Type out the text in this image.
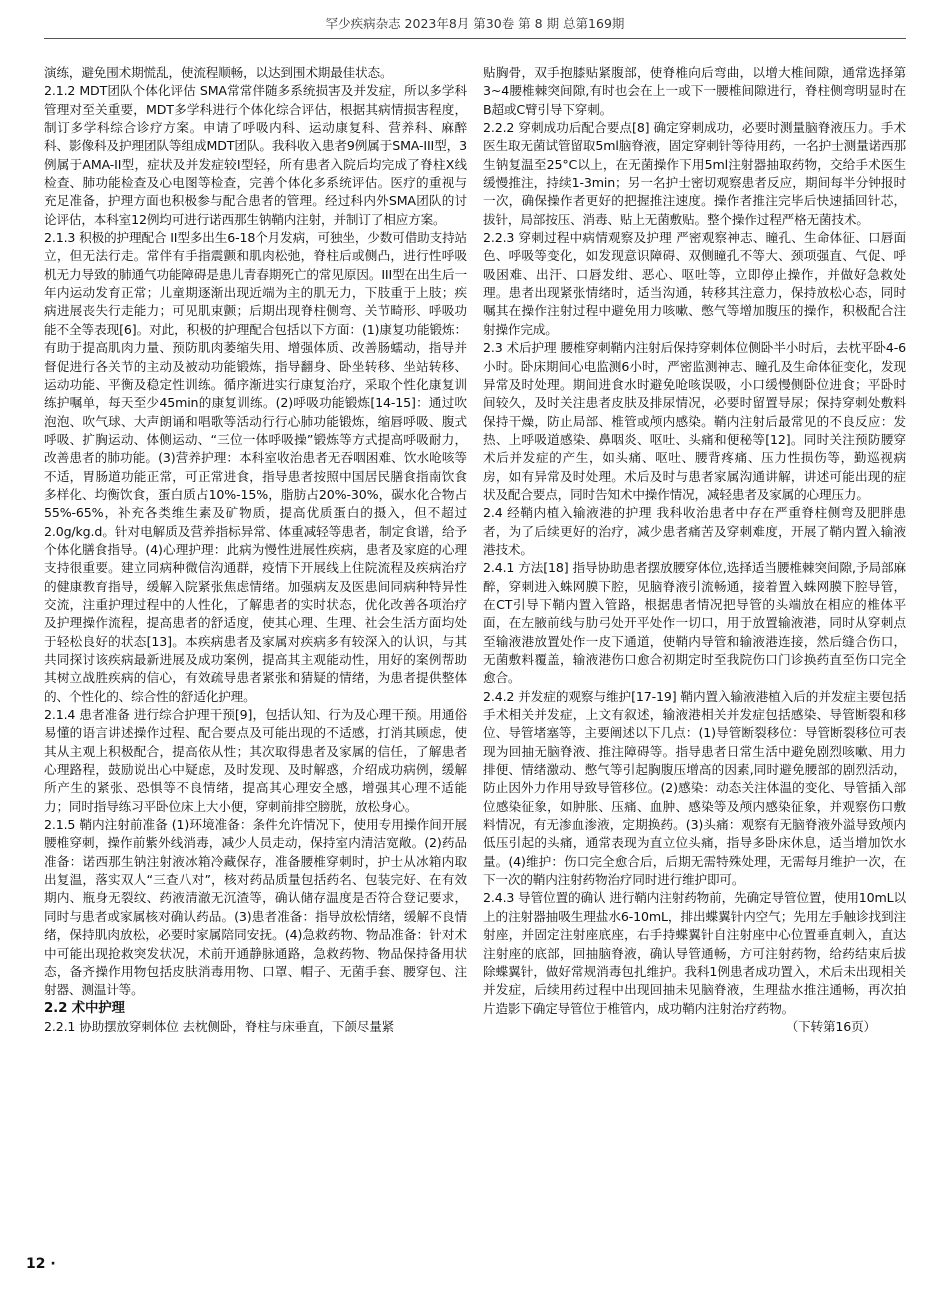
罕少疾病杂志 2023年8月 第30卷 第 8 期 总第169期

演练，避免围术期慌乱，使流程顺畅，以达到围术期最佳状态。

2.1.2 MDT团队个体化评估 SMA常常伴随多系统损害及并发症，所以多学科管理对至关重要，MDT多学科进行个体化综合评估，根据其病情损害程度，制订多学科综合诊疗方案。申请了呼吸内科、运动康复科、营养科、麻醉科、影像科及护理团队等组成MDT团队。我科收入患者9例属于SMA-III型，3例属于AMA-II型，症状及并发症较I型轻，所有患者入院后均完成了脊柱X线检查、肺功能检查及心电图等检查，完善个体化多系统评估。医疗的重视与充足准备，护理方面也积极参与配合患者的管理。经过科内外SMA团队的讨论评估，本科室12例均可进行诺西那生钠鞘内注射，并制订了相应方案。

2.1.3 积极的护理配合 II型多出生6-18个月发病，可独坐，少数可借助支持站立，但无法行走。常伴有手指震颤和肌肉松弛，脊柱后或侧凸，进行性呼吸机无力导致的肺通气功能障碍是患儿青春期死亡的常见原因。III型在出生后一年内运动发育正常；儿童期逐渐出现近端为主的肌无力，下肢重于上肢；疾病进展丧失行走能力；可见肌束颤；后期出现脊柱侧弯、关节畸形、呼吸功能不全等表现[6]。对此，积极的护理配合包括以下方面：(1)康复功能锻炼：有助于提高肌肉力量、预防肌肉萎缩失用、增强体质、改善肠蠕动，指导并督促进行各关节的主动及被动功能锻炼，指导翻身、卧坐转移、坐站转移、运动功能、平衡及稳定性训练。循序渐进实行康复治疗，采取个性化康复训练护嘱单，每天至少45min的康复训练。(2)呼吸功能锻炼[14-15]：通过吹泡泡、吹气球、大声朗诵和唱歌等活动行行心肺功能锻炼，缩唇呼吸、腹式呼吸、扩胸运动、体侧运动、“三位一体呼吸操”锻炼等方式提高呼吸耐力，改善患者的肺功能。(3)营养护理：本科室收治患者无吞咽困难、饮水呛咳等不适，胃肠道功能正常，可正常进食，指导患者按照中国居民膳食指南饮食多样化、均衡饮食，蛋白质占10%-15%，脂肪占20%-30%，碳水化合物占55%-65%，补充各类维生素及矿物质，提高优质蛋白的摄入，但不超过2.0g/kg.d。针对电解质及营养指标异常、体重减轻等患者，制定食谱，给予个体化膳食指导。(4)心理护理：此病为慢性进展性疾病，患者及家庭的心理支持很重要。建立同病种微信沟通群，疫情下开展线上住院流程及疾病治疗的健康教育指导，缓解入院紧张焦虑情绪。加强病友及医患间同病种特异性交流，注重护理过程中的人性化，了解患者的实时状态，优化改善各项治疗及护理操作流程，提高患者的舒适度，使其心理、生理、社会生活方面均处于轻松良好的状态[13]。本疾病患者及家属对疾病多有较深入的认识，与其共同探讨该疾病最新进展及成功案例，提高其主观能动性，用好的案例帮助其树立战胜疾病的信心，有效疏导患者紧张和猜疑的情绪，为患者提供整体的、个性化的、综合性的舒适化护理。

2.1.4 患者准备 进行综合护理干预[9]，包括认知、行为及心理干预。用通俗易懂的语言讲述操作过程、配合要点及可能出现的不适感，打消其顾虑，使其从主观上积极配合，提高依从性；其次取得患者及家属的信任，了解患者心理路程，鼓励说出心中疑虑，及时发现、及时解惑，介绍成功病例，缓解所产生的紧张、恐惧等不良情绪，提高其心理安全感，增强其心理不适能力；同时指导练习平卧位床上大小便，穿刺前排空膀胱，放松身心。

2.1.5 鞘内注射前准备 (1)环境准备：条件允许情况下，使用专用操作间开展腰椎穿刺，操作前紫外线消毒，减少人员走动，保持室内清洁宽敞。(2)药品准备：诺西那生钠注射液冰箱冷藏保存，准备腰椎穿刺时，护士从冰箱内取出复温，落实双人“三查八对”，核对药品质量包括药名、包装完好、在有效期内、瓶身无裂纹、药液清澈无沉渣等，确认储存温度是否符合登记要求，同时与患者或家属核对确认药品。(3)患者准备：指导放松情绪，缓解不良情绪，保持肌肉放松，必要时家属陪同安抚。(4)急救药物、物品准备：针对术中可能出现抢救突发状况，术前开通静脉通路，急救药物、物品保持备用状态，备齐操作用物包括皮肤消毒用物、口罩、帽子、无菌手套、腰穿包、注射器、测温计等。

2.2 术中护理

2.2.1 协助摆放穿刺体位 去枕侧卧，脊柱与床垂直，下颌尽量紧

贴胸骨，双手抱膝贴紧腹部，使脊椎向后弯曲，以增大椎间隙，通常选择第3~4腰椎棘突间隙,有时也会在上一或下一腰椎间隙进行，脊柱侧弯明显时在B超或C臂引导下穿刺。

2.2.2 穿刺成功后配合要点[8] 确定穿刺成功，必要时测量脑脊液压力。手术医生取无菌试管留取5ml脑脊液，固定穿刺针等待用药，一名护士测量诺西那生钠复温至25°C以上，在无菌操作下用5ml注射器抽取药物，交给手术医生缓慢推注，持续1-3min；另一名护士密切观察患者反应，期间每半分钟报时一次，确保操作者更好的把握推注速度。操作者推注完毕后快速插回针芯，拔针，局部按压、消毒、贴上无菌敷贴。整个操作过程严格无菌技术。

2.2.3 穿刺过程中病情观察及护理 严密观察神志、瞳孔、生命体征、口唇面色、呼吸等变化，如发现意识障碍、双侧瞳孔不等大、颈项强直、气促、呼吸困难、出汗、口唇发绀、恶心、呕吐等，立即停止操作，并做好急救处理。患者出现紧张情绪时，适当沟通，转移其注意力，保持放松心态，同时嘱其在操作注射过程中避免用力咳嗽、憋气等增加腹压的操作，积极配合注射操作完成。

2.3 术后护理 腰椎穿刺鞘内注射后保持穿刺体位侧卧半小时后，去枕平卧4-6小时。卧床期间心电监测6小时，严密监测神志、瞳孔及生命体征变化，发现异常及时处理。期间进食水时避免呛咳误吸，小口缓慢侧卧位进食；平卧时间较久，及时关注患者皮肤及排尿情况，必要时留置导尿；保持穿刺处敷料保持干燥，防止局部、椎管或颅内感染。鞘内注射后最常见的不良反应：发热、上呼吸道感染、鼻咽炎、呕吐、头痛和便秘等[12]。同时关注预防腰穿术后并发症的产生，如头痛、呕吐、腰背疼痛、压力性损伤等，勤巡视病房，如有异常及时处理。术后及时与患者家属沟通讲解，讲述可能出现的症状及配合要点，同时告知术中操作情况，减轻患者及家属的心理压力。

2.4 经鞘内植入输液港的护理 我科收治患者中存在严重脊柱侧弯及肥胖患者，为了后续更好的治疗，减少患者痛苦及穿刺难度，开展了鞘内置入输液港技术。

2.4.1 方法[18] 指导协助患者摆放腰穿体位,选择适当腰椎棘突间隙,予局部麻醉，穿刺进入蛛网膜下腔，见脑脊液引流畅通，接着置入蛛网膜下腔导管，在CT引导下鞘内置入管路，根据患者情况把导管的头端放在相应的椎体平面，在左腋前线与肋弓处开平处作一切口，用于放置输液港，同时从穿刺点至输液港放置处作一皮下通道，使鞘内导管和输液港连接，然后缝合伤口，无菌敷料覆盖，输液港伤口愈合初期定时至我院伤口门诊换药直至伤口完全愈合。

2.4.2 并发症的观察与维护[17-19] 鞘内置入输液港植入后的并发症主要包括手术相关并发症，上文有叙述，输液港相关并发症包括感染、导管断裂和移位、导管堵塞等，主要阐述以下几点：(1)导管断裂移位：导管断裂移位可表现为回抽无脑脊液、推注障碍等。指导患者日常生活中避免剧烈咳嗽、用力排便、情绪激动、憋气等引起胸腹压增高的因素,同时避免腰部的剧烈活动，防止因外力作用导致导管移位。(2)感染：动态关注体温的变化、导管插入部位感染征象，如肿胀、压痛、血肿、感染等及颅内感染征象，并观察伤口敷料情况，有无渗血渗液，定期换药。(3)头痛：观察有无脑脊液外溢导致颅内低压引起的头痛，通常表现为直立位头痛，指导多卧床休息，适当增加饮水量。(4)维护：伤口完全愈合后，后期无需特殊处理，无需每月维护一次，在下一次的鞘内注射药物治疗同时进行维护即可。

2.4.3 导管位置的确认 进行鞘内注射药物前，先确定导管位置，使用10mL以上的注射器抽吸生理盐水6-10mL，排出蝶翼针内空气；先用左手触诊找到注射座，并固定注射座底座，右手持蝶翼针自注射座中心位置垂直刺入，直达注射座的底部，回抽脑脊液，确认导管通畅，方可注射药物，给药结束后拔除蝶翼针，做好常规消毒包扎维护。我科1例患者成功置入，术后未出现相关并发症，后续用药过程中出现回抽未见脑脊液，生理盐水推注通畅，再次拍片造影下确定导管位于椎管内，成功鞘内注射治疗药物。

（下转第16页）

12 ·
